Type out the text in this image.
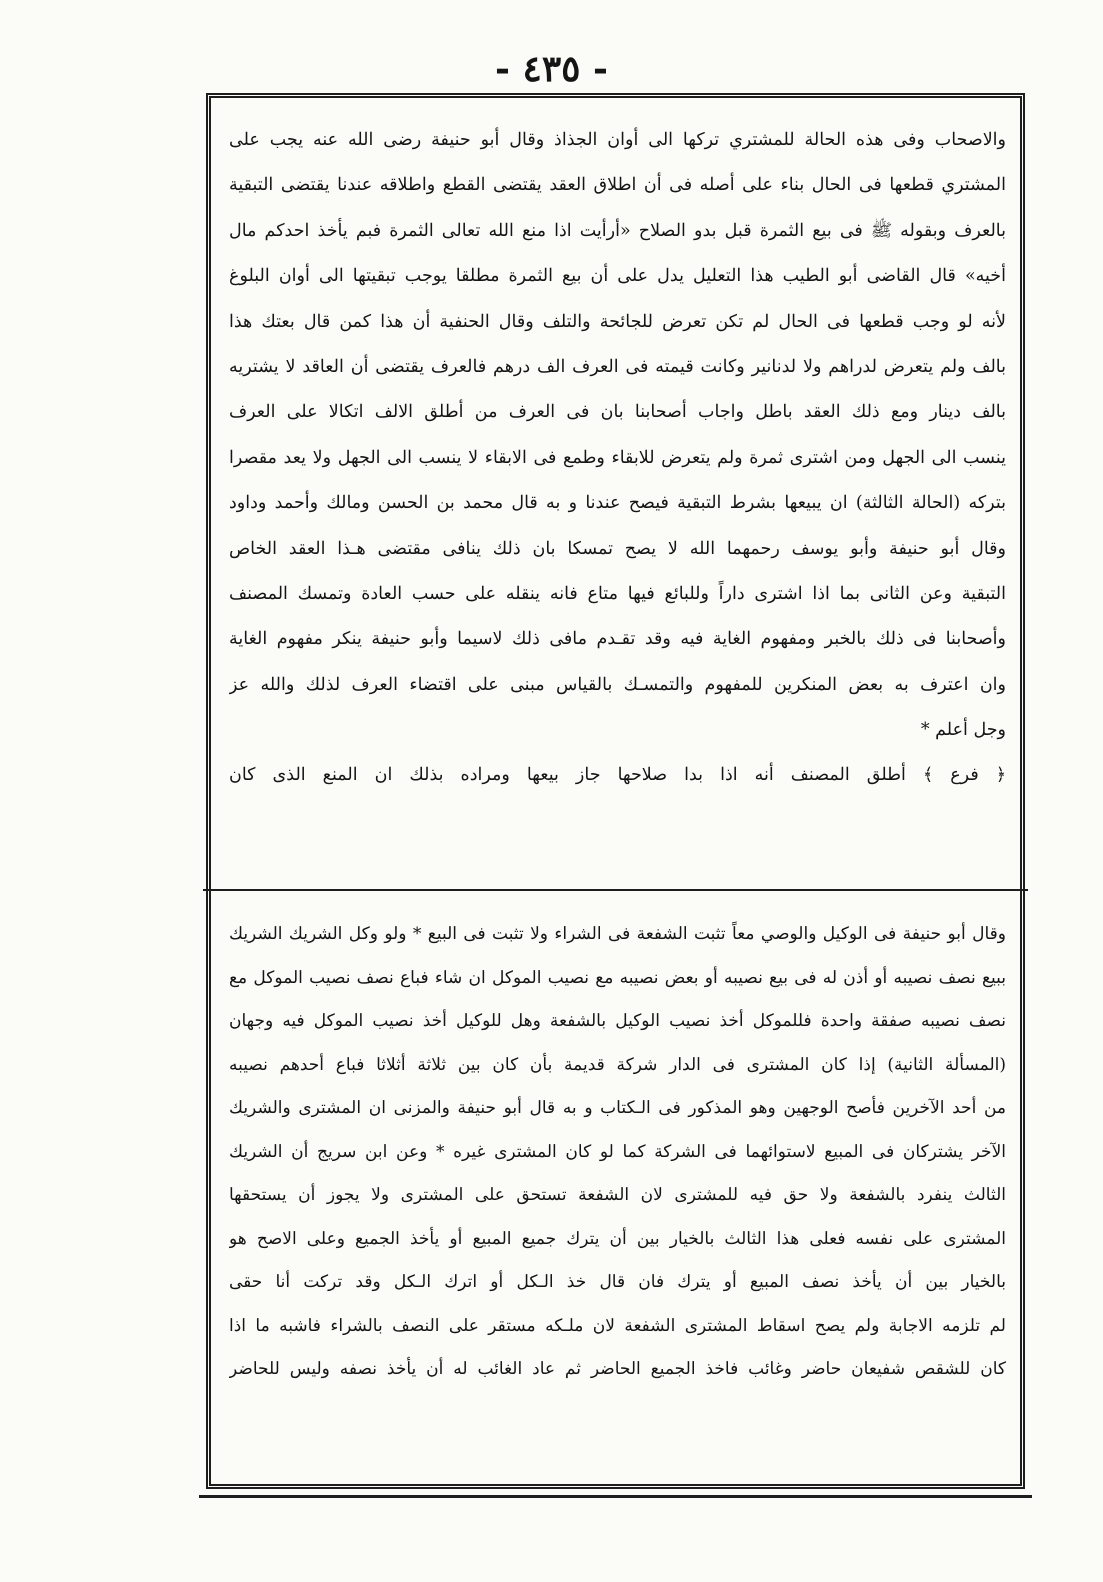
- ٤٣٥ -
والاصحاب وفى هذه الحالة للمشتري تركها الى أوان الجذاذ وقال أبو حنيفة رضى الله عنه يجب على
المشتري قطعها فى الحال بناء على أصله فى أن اطلاق العقد يقتضى القطع واطلاقه عندنا يقتضى التبقية
بالعرف وبقوله ﷺ فى بيع الثمرة قبل بدو الصلاح «أرأيت اذا منع الله تعالى الثمرة فبم يأخذ احدكم مال
أخيه» قال القاضى أبو الطيب هذا التعليل يدل على أن بيع الثمرة مطلقا يوجب تبقيتها الى أوان البلوغ
لأنه لو وجب قطعها فى الحال لم تكن تعرض للجائحة والتلف وقال الحنفية أن هذا كمن قال بعتك هذا
بالف ولم يتعرض لدراهم ولا لدنانير وكانت قيمته فى العرف الف درهم فالعرف يقتضى أن العاقد لا يشتريه
بالف دينار ومع ذلك العقد باطل واجاب أصحابنا بان فى العرف من أطلق الالف اتكالا على العرف
ينسب الى الجهل ومن اشترى ثمرة ولم يتعرض للابقاء وطمع فى الابقاء لا ينسب الى الجهل ولا يعد مقصرا
بتركه (الحالة الثالثة) ان يبيعها بشرط التبقية فيصح عندنا و به قال محمد بن الحسن ومالك وأحمد وداود
وقال أبو حنيفة وأبو يوسف رحمهما الله لا يصح تمسكا بان ذلك ينافى مقتضى هـذا العقد الخاص
التبقية وعن الثانى بما اذا اشترى داراً وللبائع فيها متاع فانه ينقله على حسب العادة وتمسك المصنف
وأصحابنا فى ذلك بالخبر ومفهوم الغاية فيه وقد تقـدم مافى ذلك لاسيما وأبو حنيفة ينكر مفهوم الغاية
وان اعترف به بعض المنكرين للمفهوم والتمسـك بالقياس مبنى على اقتضاء العرف لذلك والله عز
وجل أعلم *
﴿ فرع ﴾ أطلق المصنف أنه اذا بدا صلاحها جاز بيعها ومراده بذلك ان المنع الذى كان
وقال أبو حنيفة فى الوكيل والوصي معاً تثبت الشفعة فى الشراء ولا تثبت فى البيع * ولو وكل الشريك الشريك
ببيع نصف نصيبه أو أذن له فى بيع نصيبه أو بعض نصيبه مع نصيب الموكل ان شاء فباع نصف نصيب الموكل مع
نصف نصيبه صفقة واحدة فللموكل أخذ نصيب الوكيل بالشفعة وهل للوكيل أخذ نصيب الموكل فيه وجهان
(المسألة الثانية) إذا كان المشترى فى الدار شركة قديمة بأن كان بين ثلاثة أثلاثا فباع أحدهم نصيبه
من أحد الآخرين فأصح الوجهين وهو المذكور فى الـكتاب و به قال أبو حنيفة والمزنى ان المشترى والشريك
الآخر يشتركان فى المبيع لاستوائهما فى الشركة كما لو كان المشترى غيره * وعن ابن سريج أن الشريك
الثالث ينفرد بالشفعة ولا حق فيه للمشترى لان الشفعة تستحق على المشترى ولا يجوز أن يستحقها
المشترى على نفسه فعلى هذا الثالث بالخيار بين أن يترك جميع المبيع أو يأخذ الجميع وعلى الاصح هو
بالخيار بين أن يأخذ نصف المبيع أو يترك فان قال خذ الـكل أو اترك الـكل وقد تركت أنا حقى
لم تلزمه الاجابة ولم يصح اسقاط المشترى الشفعة لان ملـكه مستقر على النصف بالشراء فاشبه ما اذا
كان للشقص شفيعان حاضر وغائب فاخذ الجميع الحاضر ثم عاد الغائب له أن يأخذ نصفه وليس للحاضر
